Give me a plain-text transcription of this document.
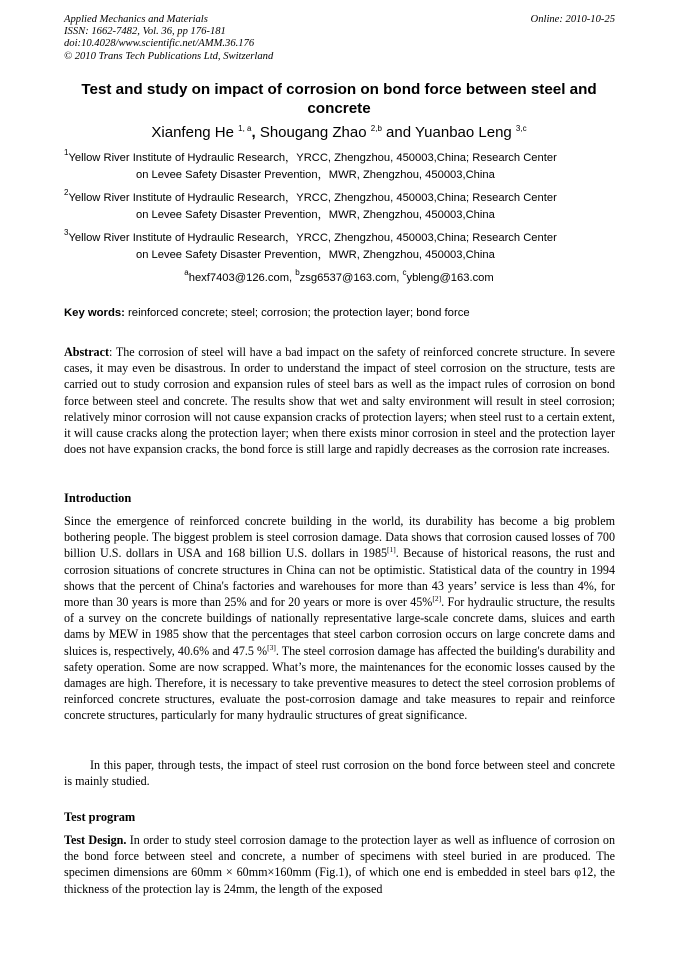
Applied Mechanics and Materials
ISSN: 1662-7482, Vol. 36, pp 176-181
doi:10.4028/www.scientific.net/AMM.36.176
© 2010 Trans Tech Publications Ltd, Switzerland
Online: 2010-10-25
Test and study on impact of corrosion on bond force between steel and concrete
Xianfeng He $^{1, a}$, Shougang Zhao $^{2,b}$ and Yuanbao Leng $^{3,c}$
$^1$Yellow River Institute of Hydraulic Research，YRCC, Zhengzhou, 450003,China; Research Center
on Levee Safety Disaster Prevention，MWR, Zhengzhou, 450003,China
$^2$Yellow River Institute of Hydraulic Research，YRCC, Zhengzhou, 450003,China; Research Center
on Levee Safety Disaster Prevention，MWR, Zhengzhou, 450003,China
$^3$Yellow River Institute of Hydraulic Research，YRCC, Zhengzhou, 450003,China; Research Center
on Levee Safety Disaster Prevention，MWR, Zhengzhou, 450003,China
$^a$hexf7403@126.com, $^b$zsg6537@163.com, $^c$ybleng@163.com
Key words: reinforced concrete; steel; corrosion; the protection layer; bond force
Abstract: The corrosion of steel will have a bad impact on the safety of reinforced concrete structure. In severe cases, it may even be disastrous. In order to understand the impact of steel corrosion on the structure, tests are carried out to study corrosion and expansion rules of steel bars as well as the impact rules of corrosion on bond force between steel and concrete. The results show that wet and salty environment will result in steel corrosion; relatively minor corrosion will not cause expansion cracks of protection layers; when steel rust to a certain extent, it will cause cracks along the protection layer; when there exists minor corrosion in steel and the protection layer does not have expansion cracks, the bond force is still large and rapidly decreases as the corrosion rate increases.
Introduction
Since the emergence of reinforced concrete building in the world, its durability has become a big problem bothering people. The biggest problem is steel corrosion damage. Data shows that corrosion caused losses of 700 billion U.S. dollars in USA and 168 billion U.S. dollars in 1985[1]. Because of historical reasons, the rust and corrosion situations of concrete structures in China can not be optimistic. Statistical data of the country in 1994 shows that the percent of China's factories and warehouses for more than 43 years’ service is less than 4%, for more than 30 years is more than 25% and for 20 years or more is over 45%[2]. For hydraulic structure, the results of a survey on the concrete buildings of nationally representative large-scale concrete dams, sluices and earth dams by MEW in 1985 show that the percentages that steel carbon corrosion occurs on large concrete dams and sluices is, respectively, 40.6% and 47.5 %[3]. The steel corrosion damage has affected the building's durability and safety operation. Some are now scrapped. What’s more, the maintenances for the economic losses caused by the damages are high. Therefore, it is necessary to take preventive measures to detect the steel corrosion problems of reinforced concrete structures, evaluate the post-corrosion damage and take measures to repair and reinforce concrete structures, particularly for many hydraulic structures of great significance.
In this paper, through tests, the impact of steel rust corrosion on the bond force between steel and concrete is mainly studied.
Test program
Test Design. In order to study steel corrosion damage to the protection layer as well as influence of corrosion on the bond force between steel and concrete, a number of specimens with steel buried in are produced. The specimen dimensions are 60mm × 60mm×160mm (Fig.1), of which one end is embedded in steel bars φ12, the thickness of the protection lay is 24mm, the length of the exposed
